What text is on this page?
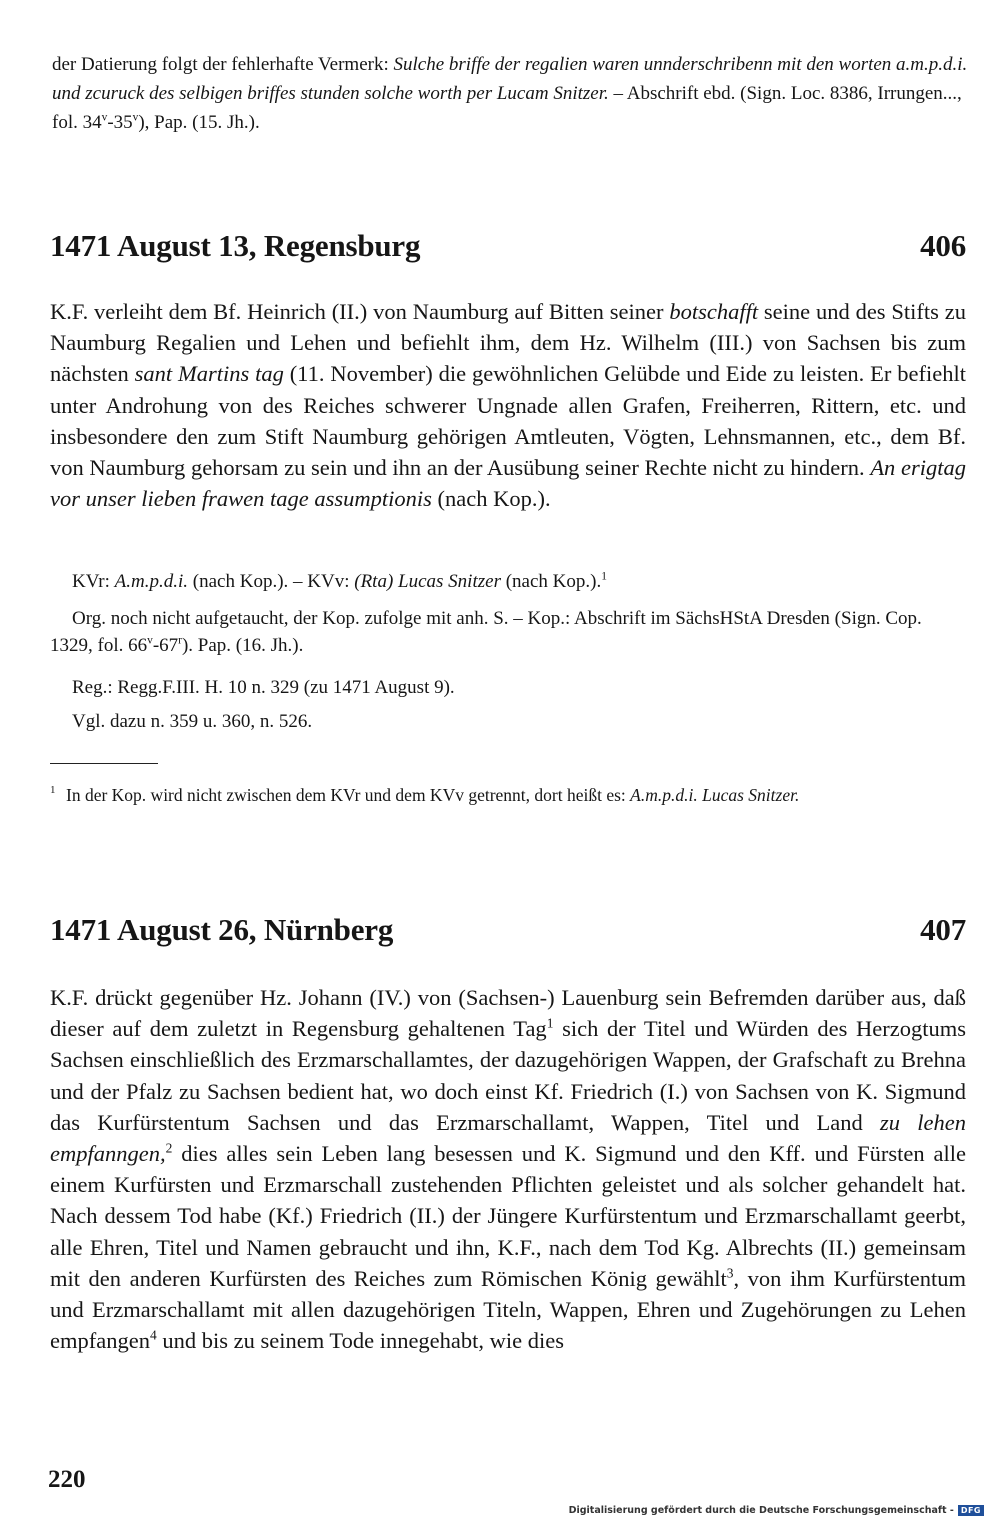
der Datierung folgt der fehlerhafte Vermerk: Sulche briffe der regalien waren unnderschribenn mit den worten a.m.p.d.i. und zcuruck des selbigen briffes stunden solche worth per Lucam Snitzer. – Abschrift ebd. (Sign. Loc. 8386, Irrungen..., fol. 34$^v$-35$^v$), Pap. (15. Jh.).
1471 August 13, Regensburg	406
K.F. verleiht dem Bf. Heinrich (II.) von Naumburg auf Bitten seiner botschafft seine und des Stifts zu Naumburg Regalien und Lehen und befiehlt ihm, dem Hz. Wilhelm (III.) von Sachsen bis zum nächsten sant Martins tag (11. November) die gewöhnlichen Gelübde und Eide zu leisten. Er befiehlt unter Androhung von des Reiches schwerer Ungnade allen Grafen, Freiherren, Rittern, etc. und insbesondere den zum Stift Naumburg gehörigen Amtleuten, Vögten, Lehnsmannen, etc., dem Bf. von Naumburg gehorsam zu sein und ihn an der Ausübung seiner Rechte nicht zu hindern. An erigtag vor unser lieben frawen tage assumptionis (nach Kop.).
KVr: A.m.p.d.i. (nach Kop.). – KVv: (Rta) Lucas Snitzer (nach Kop.).$^1$
Org. noch nicht aufgetaucht, der Kop. zufolge mit anh. S. – Kop.: Abschrift im SächsHStA Dresden (Sign. Cop. 1329, fol. 66$^v$-67$^r$). Pap. (16. Jh.).
Reg.: Regg.F.III. H. 10 n. 329 (zu 1471 August 9).
Vgl. dazu n. 359 u. 360, n. 526.
1 In der Kop. wird nicht zwischen dem KVr und dem KVv getrennt, dort heißt es: A.m.p.d.i. Lucas Snitzer.
1471 August 26, Nürnberg	407
K.F. drückt gegenüber Hz. Johann (IV.) von (Sachsen-) Lauenburg sein Befremden darüber aus, daß dieser auf dem zuletzt in Regensburg gehaltenen Tag$^1$ sich der Titel und Würden des Herzogtums Sachsen einschließlich des Erzmarschallamtes, der dazugehörigen Wappen, der Grafschaft zu Brehna und der Pfalz zu Sachsen bedient hat, wo doch einst Kf. Friedrich (I.) von Sachsen von K. Sigmund das Kurfürstentum Sachsen und das Erzmarschallamt, Wappen, Titel und Land zu lehen empfanngen,$^2$ dies alles sein Leben lang besessen und K. Sigmund und den Kff. und Fürsten alle einem Kurfürsten und Erzmarschall zustehenden Pflichten geleistet und als solcher gehandelt hat. Nach dessem Tod habe (Kf.) Friedrich (II.) der Jüngere Kurfürstentum und Erzmarschallamt geerbt, alle Ehren, Titel und Namen gebraucht und ihn, K.F., nach dem Tod Kg. Albrechts (II.) gemeinsam mit den anderen Kurfürsten des Reiches zum Römischen König gewählt$^3$, von ihm Kurfürstentum und Erzmarschallamt mit allen dazugehörigen Titeln, Wappen, Ehren und Zugehörungen zu Lehen empfangen$^4$ und bis zu seinem Tode innegehabt, wie dies
220
Digitalisierung gefördert durch die Deutsche Forschungsgemeinschaft - DFG
